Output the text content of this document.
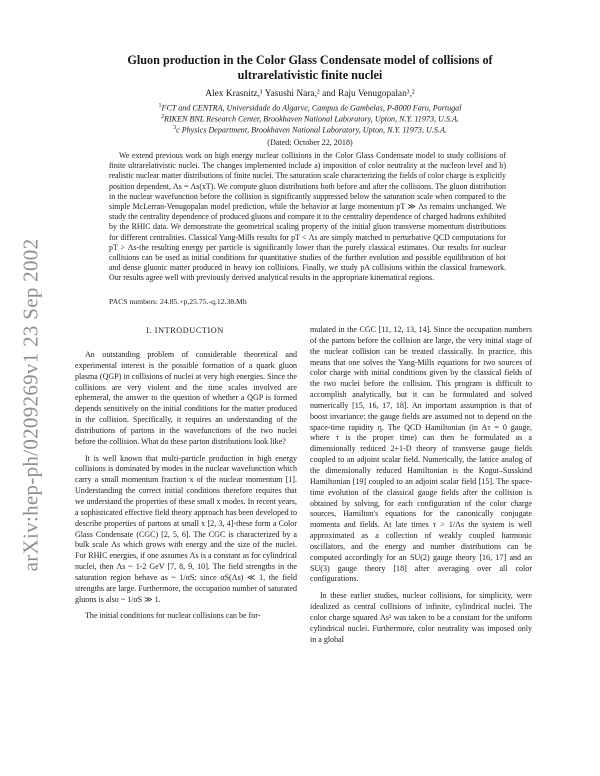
arXiv:hep-ph/0209269v1 23 Sep 2002
Gluon production in the Color Glass Condensate model of collisions of ultrarelativistic finite nuclei
Alex Krasnitz,¹ Yasushi Nara,² and Raju Venugopalan³,²
$^1$FCT and CENTRA, Universidade do Algarve, Campus de Gambelas, P-8000 Faro, Portugal
$^2$RIKEN BNL Research Center, Brookhaven National Laboratory, Upton, N.Y. 11973, U.S.A.
$^3$c Physics Department, Brookhaven National Laboratory, Upton, N.Y. 11973, U.S.A.
(Dated: October 22, 2018)
We extend previous work on high energy nuclear collisions in the Color Glass Condensate model to study collisions of finite ultrarelativistic nuclei. The changes implemented include a) imposition of color neutrality at the nucleon level and b) realistic nuclear matter distributions of finite nuclei. The saturation scale characterizing the fields of color charge is explicitly position dependent, Λs = Λs(xT). We compute gluon distributions both before and after the collisions. The gluon distribution in the nuclear wavefunction before the collision is significantly suppressed below the saturation scale when compared to the simple McLerran-Venugopalan model prediction, while the behavior at large momentum pT ≫ Λs remains unchanged. We study the centrality dependence of produced gluons and compare it to the centrality dependence of charged hadrons exhibited by the RHIC data. We demonstrate the geometrical scaling property of the initial gluon transverse momentum distributions for different centralities. Classical Yang-Mills results for pT < Λs are simply matched to perturbative QCD computations for pT > Λs-the resulting energy per particle is significantly lower than the purely classical estimates. Our results for nuclear collisions can be used as initial conditions for quantitative studies of the further evolution and possible equilibration of hot and dense gluonic matter produced in heavy ion collisions. Finally, we study pA collisions within the classical framework. Our results agree well with previously derived analytical results in the appropriate kinematical regions.
PACS numbers: 24.85.+p,25.75.-q,12.38.Mh
I. INTRODUCTION

An outstanding problem of considerable theoretical and experimental interest is the possible formation of a quark gluon plasma (QGP) in collisions of nuclei at very high energies. Since the collisions are very violent and the time scales involved are ephemeral, the answer to the question of whether a QGP is formed depends sensitively on the initial conditions for the matter produced in the collision. Specifically, it requires an understanding of the distributions of partons in the wavefunctions of the two nuclei before the collision. What do these parton distributions look like?

It is well known that multi-particle production in high energy collisions is dominated by modes in the nuclear wavefunction which carry a small momentum fraction x of the nuclear momentum [1]. Understanding the correct initial conditions therefore requires that we understand the properties of these small x modes. In recent years, a sophisticated effective field theory approach has been developed to describe properties of partons at small x [2, 3, 4]-these form a Color Glass Condensate (CGC) [2, 5, 6]. The CGC is characterized by a bulk scale Λs which grows with energy and the size of the nuclei. For RHIC energies, if one assumes Λs is a constant as for cylindrical nuclei, then Λs ~ 1-2 GeV [7, 8, 9, 10]. The field strengths in the saturation region behave as ~ 1/αS: since αS(Λs) ≪ 1, the field strengths are large. Furthermore, the occupation number of saturated gluons is also ~ 1/αS ≫ 1.

The initial conditions for nuclear collisions can be for-

mulated in the CGC [11, 12, 13, 14]. Since the occupation numbers of the partons before the collision are large, the very initial stage of the nuclear collision can be treated classically. In practice, this means that one solves the Yang-Mills equations for two sources of color charge with initial conditions given by the classical fields of the two nuclei before the collision. This program is difficult to accomplish analytically, but it can be formulated and solved numerically [15, 16, 17, 18]. An important assumption is that of boost invariance: the gauge fields are assumed not to depend on the space-time rapidity η. The QCD Hamiltonian (in Aτ = 0 gauge, where τ is the proper time) can then be formulated as a dimensionally reduced 2+1-D theory of transverse gauge fields coupled to an adjoint scalar field. Numerically, the lattice analog of the dimensionally reduced Hamiltonian is the Kogut–Susskind Hamiltonian [19] coupled to an adjoint scalar field [15]. The space-time evolution of the classical gauge fields after the collision is obtained by solving, for each configuration of the color charge sources, Hamilton's equations for the canonically conjugate momenta and fields. At late times τ > 1/Λs the system is well approximated as a collection of weakly coupled harmonic oscillators, and the energy and number distributions can be computed accordingly for an SU(2) gauge theory [16, 17] and an SU(3) gauge theory [18] after averaging over all color configurations.

In these earlier studies, nuclear collisions, for simplicity, were idealized as central collisions of infinite, cylindrical nuclei. The color charge squared Λs² was taken to be a constant for the uniform cylindrical nuclei. Furthermore, color neutrality was imposed only in a global
